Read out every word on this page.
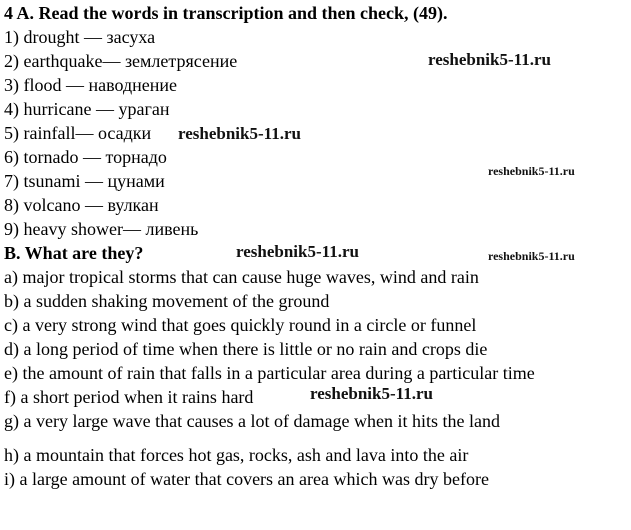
4 A. Read the words in transcription and then check, (49).
1) drought — засуха
2) earthquake— землетрясение
3) flood — наводнение
4) hurricane — ураган
5) rainfall— осадки
6) tornado — торнадо
7) tsunami — цунами
8) volcano — вулкан
9) heavy shower— ливень
B. What are they?
a) major tropical storms that can cause huge waves, wind and rain
b) a sudden shaking movement of the ground
c) a very strong wind that goes quickly round in a circle or funnel
d) a long period of time when there is little or no rain and crops die
e) the amount of rain that falls in a particular area during a particular time
f) a short period when it rains hard
g) a very large wave that causes a lot of damage when it hits the land
h) a mountain that forces hot gas, rocks, ash and lava into the air
i) a large amount of water that covers an area which was dry before
reshebnik5-11.ru
reshebnik5-11.ru
reshebnik5-11.ru
reshebnik5-11.ru	reshebnik5-11.ru
reshebnik5-11.ru
